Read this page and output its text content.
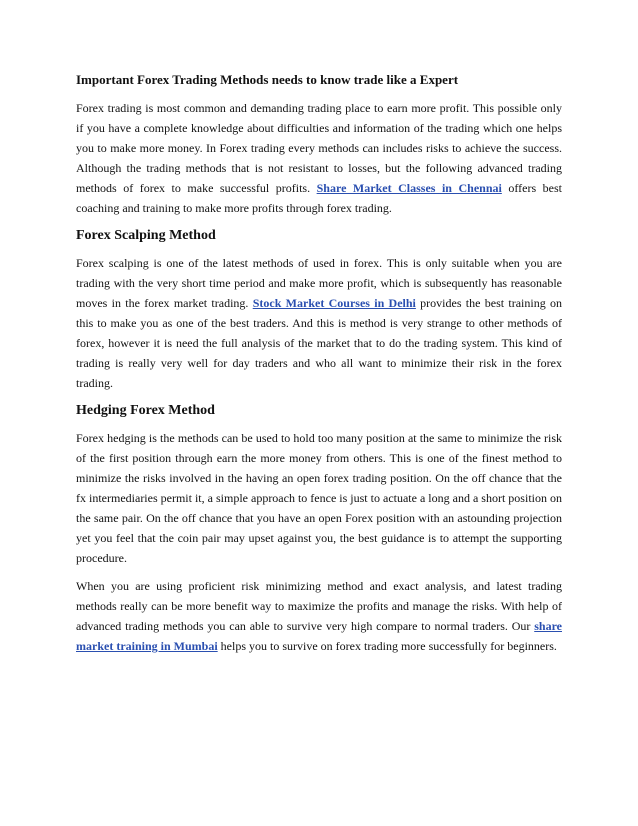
Important Forex Trading Methods needs to know trade like a Expert

Forex trading is most common and demanding trading place to earn more profit. This possible only if you have a complete knowledge about difficulties and information of the trading which one helps you to make more money. In Forex trading every methods can includes risks to achieve the success. Although the trading methods that is not resistant to losses, but the following advanced trading methods of forex to make successful profits. Share Market Classes in Chennai offers best coaching and training to make more profits through forex trading.

Forex Scalping Method

Forex scalping is one of the latest methods of used in forex. This is only suitable when you are trading with the very short time period and make more profit, which is subsequently has reasonable moves in the forex market trading. Stock Market Courses in Delhi provides the best training on this to make you as one of the best traders. And this is method is very strange to other methods of forex, however it is need the full analysis of the market that to do the trading system. This kind of trading is really very well for day traders and who all want to minimize their risk in the forex trading.

Hedging Forex Method

Forex hedging is the methods can be used to hold too many position at the same to minimize the risk of the first position through earn the more money from others. This is one of the finest method to minimize the risks involved in the having an open forex trading position. On the off chance that the fx intermediaries permit it, a simple approach to fence is just to actuate a long and a short position on the same pair. On the off chance that you have an open Forex position with an astounding projection yet you feel that the coin pair may upset against you, the best guidance is to attempt the supporting procedure.

When you are using proficient risk minimizing method and exact analysis, and latest trading methods really can be more benefit way to maximize the profits and manage the risks. With help of advanced trading methods you can able to survive very high compare to normal traders. Our share market training in Mumbai helps you to survive on forex trading more successfully for beginners.
